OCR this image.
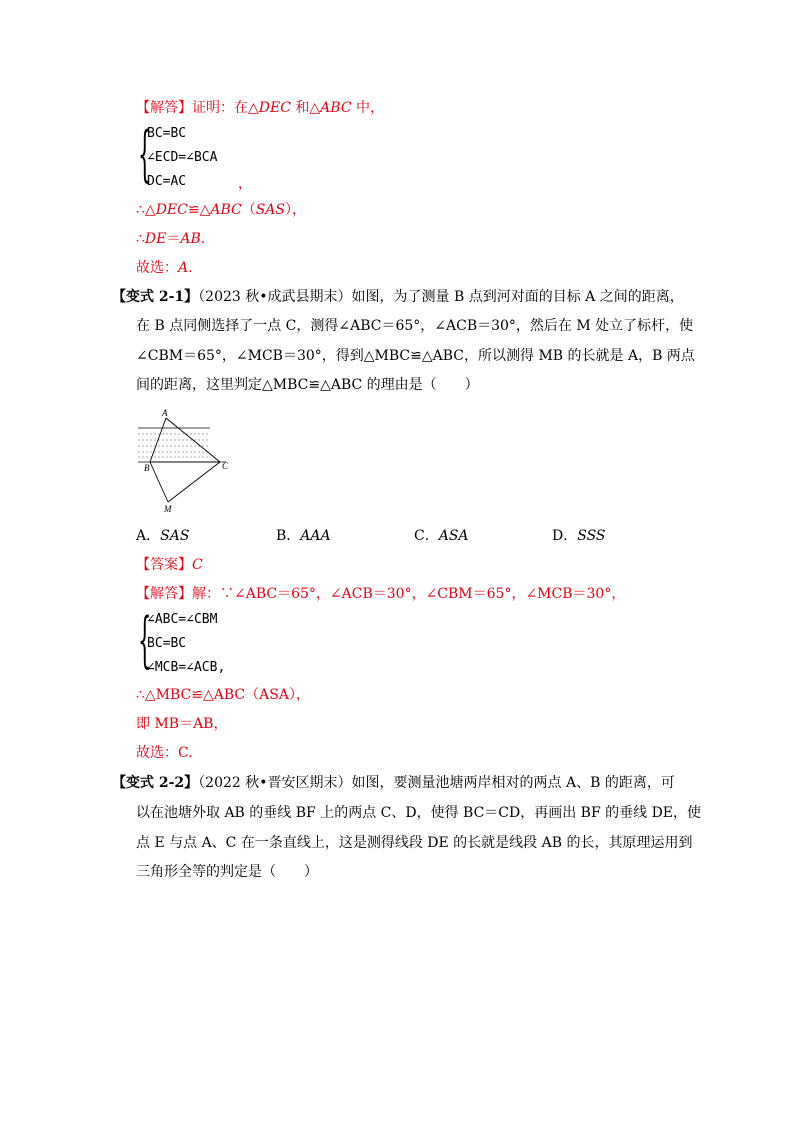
【解答】证明：在△DEC 和△ABC 中，
{
BC=BC
∠ECD=∠BCA
DC=AC	，
∴△DEC≌△ABC（SAS），
∴DE＝AB.
故选：A.
【变式 2-1】（2023 秋•成武县期末）如图，为了测量 B 点到河对面的目标 A 之间的距离，
在 B 点同侧选择了一点 C，测得∠ABC＝65°，∠ACB＝30°，然后在 M 处立了标杆，使
∠CBM＝65°，∠MCB＝30°，得到△MBC≌△ABC，所以测得 MB 的长就是 A，B 两点
间的距离，这里判定△MBC≌△ABC 的理由是（　　）
A
B	C
M
A．SAS	B．AAA	C．ASA	D．SSS
【答案】C
【解答】解：∵∠ABC＝65°，∠ACB＝30°，∠CBM＝65°，∠MCB＝30°，
{
∠ABC=∠CBM
BC=BC
∠MCB=∠ACB,
∴△MBC≌△ABC（ASA），
即 MB＝AB，
故选：C.
【变式 2-2】（2022 秋•晋安区期末）如图，要测量池塘两岸相对的两点 A、B 的距离，可
以在池塘外取 AB 的垂线 BF 上的两点 C、D，使得 BC＝CD，再画出 BF 的垂线 DE，使
点 E 与点 A、C 在一条直线上，这是测得线段 DE 的长就是线段 AB 的长，其原理运用到
三角形全等的判定是（　　）
